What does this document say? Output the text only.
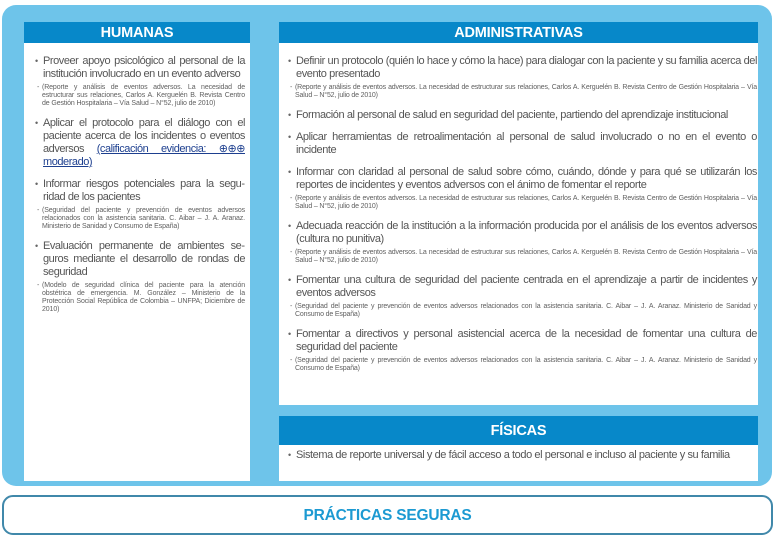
HUMANAS
• Proveer apoyo psicológico al personal de la institución involucrado en un evento adverso
- (Reporte y análisis de eventos adversos. La necesidad de estructurar sus relaciones, Carlos A. Kerguelén B. Revista Centro de Gestión Hospitalaria – Vía Salud – N°52, julio de 2010)
• Aplicar el protocolo para el diálogo con el paciente acerca de los incidentes o eventos adversos (calificación evidencia: ⊕⊕⊕ moderado)
• Informar riesgos potenciales para la seguridad de los pacientes
- (Seguridad del paciente y prevención de eventos adversos relacionados con la asistencia sanitaria. C. Aibar – J. A. Aranaz. Ministerio de Sanidad y Consumo de España)
• Evaluación permanente de ambientes seguros mediante el desarrollo de rondas de seguridad
- (Modelo de seguridad clínica del paciente para la atención obstétrica de emergencia. M. González – Ministerio de la Protección Social República de Colombia – UNFPA; Diciembre de 2010)
ADMINISTRATIVAS
• Definir un protocolo (quién lo hace y cómo la hace) para dialogar con la paciente y su familia acerca del evento presentado
- (Reporte y análisis de eventos adversos. La necesidad de estructurar sus relaciones, Carlos A. Kerguelén B. Revista Centro de Gestión Hospitalaria – Vía Salud – N°52, julio de 2010)
• Formación al personal de salud en seguridad del paciente, partiendo del aprendizaje institucional
• Aplicar herramientas de retroalimentación al personal de salud involucrado o no en el evento o incidente
• Informar con claridad al personal de salud sobre cómo, cuándo, dónde y para qué se utilizarán los reportes de incidentes y eventos adversos con el ánimo de fomentar el reporte
- (Reporte y análisis de eventos adversos. La necesidad de estructurar sus relaciones, Carlos A. Kerguelén B. Revista Centro de Gestión Hospitalaria – Vía Salud – N°52, julio de 2010)
• Adecuada reacción de la institución a la información producida por el análisis de los eventos adversos (cultura no punitiva)
- (Reporte y análisis de eventos adversos. La necesidad de estructurar sus relaciones, Carlos A. Kerguelén B. Revista Centro de Gestión Hospitalaria – Vía Salud – N°52, julio de 2010)
• Fomentar una cultura de seguridad del paciente centrada en el aprendizaje a partir de incidentes y eventos adversos
- (Seguridad del paciente y prevención de eventos adversos relacionados con la asistencia sanitaria. C. Aibar – J. A. Aranaz. Ministerio de Sanidad y Consumo de España)
• Fomentar a directivos y personal asistencial acerca de la necesidad de fomentar una cultura de seguridad del paciente
- (Seguridad del paciente y prevención de eventos adversos relacionados con la asistencia sanitaria. C. Aibar – J. A. Aranaz. Ministerio de Sanidad y Consumo de España)
FÍSICAS
• Sistema de reporte universal y de fácil acceso a todo el personal e incluso al paciente y su familia
PRÁCTICAS SEGURAS
